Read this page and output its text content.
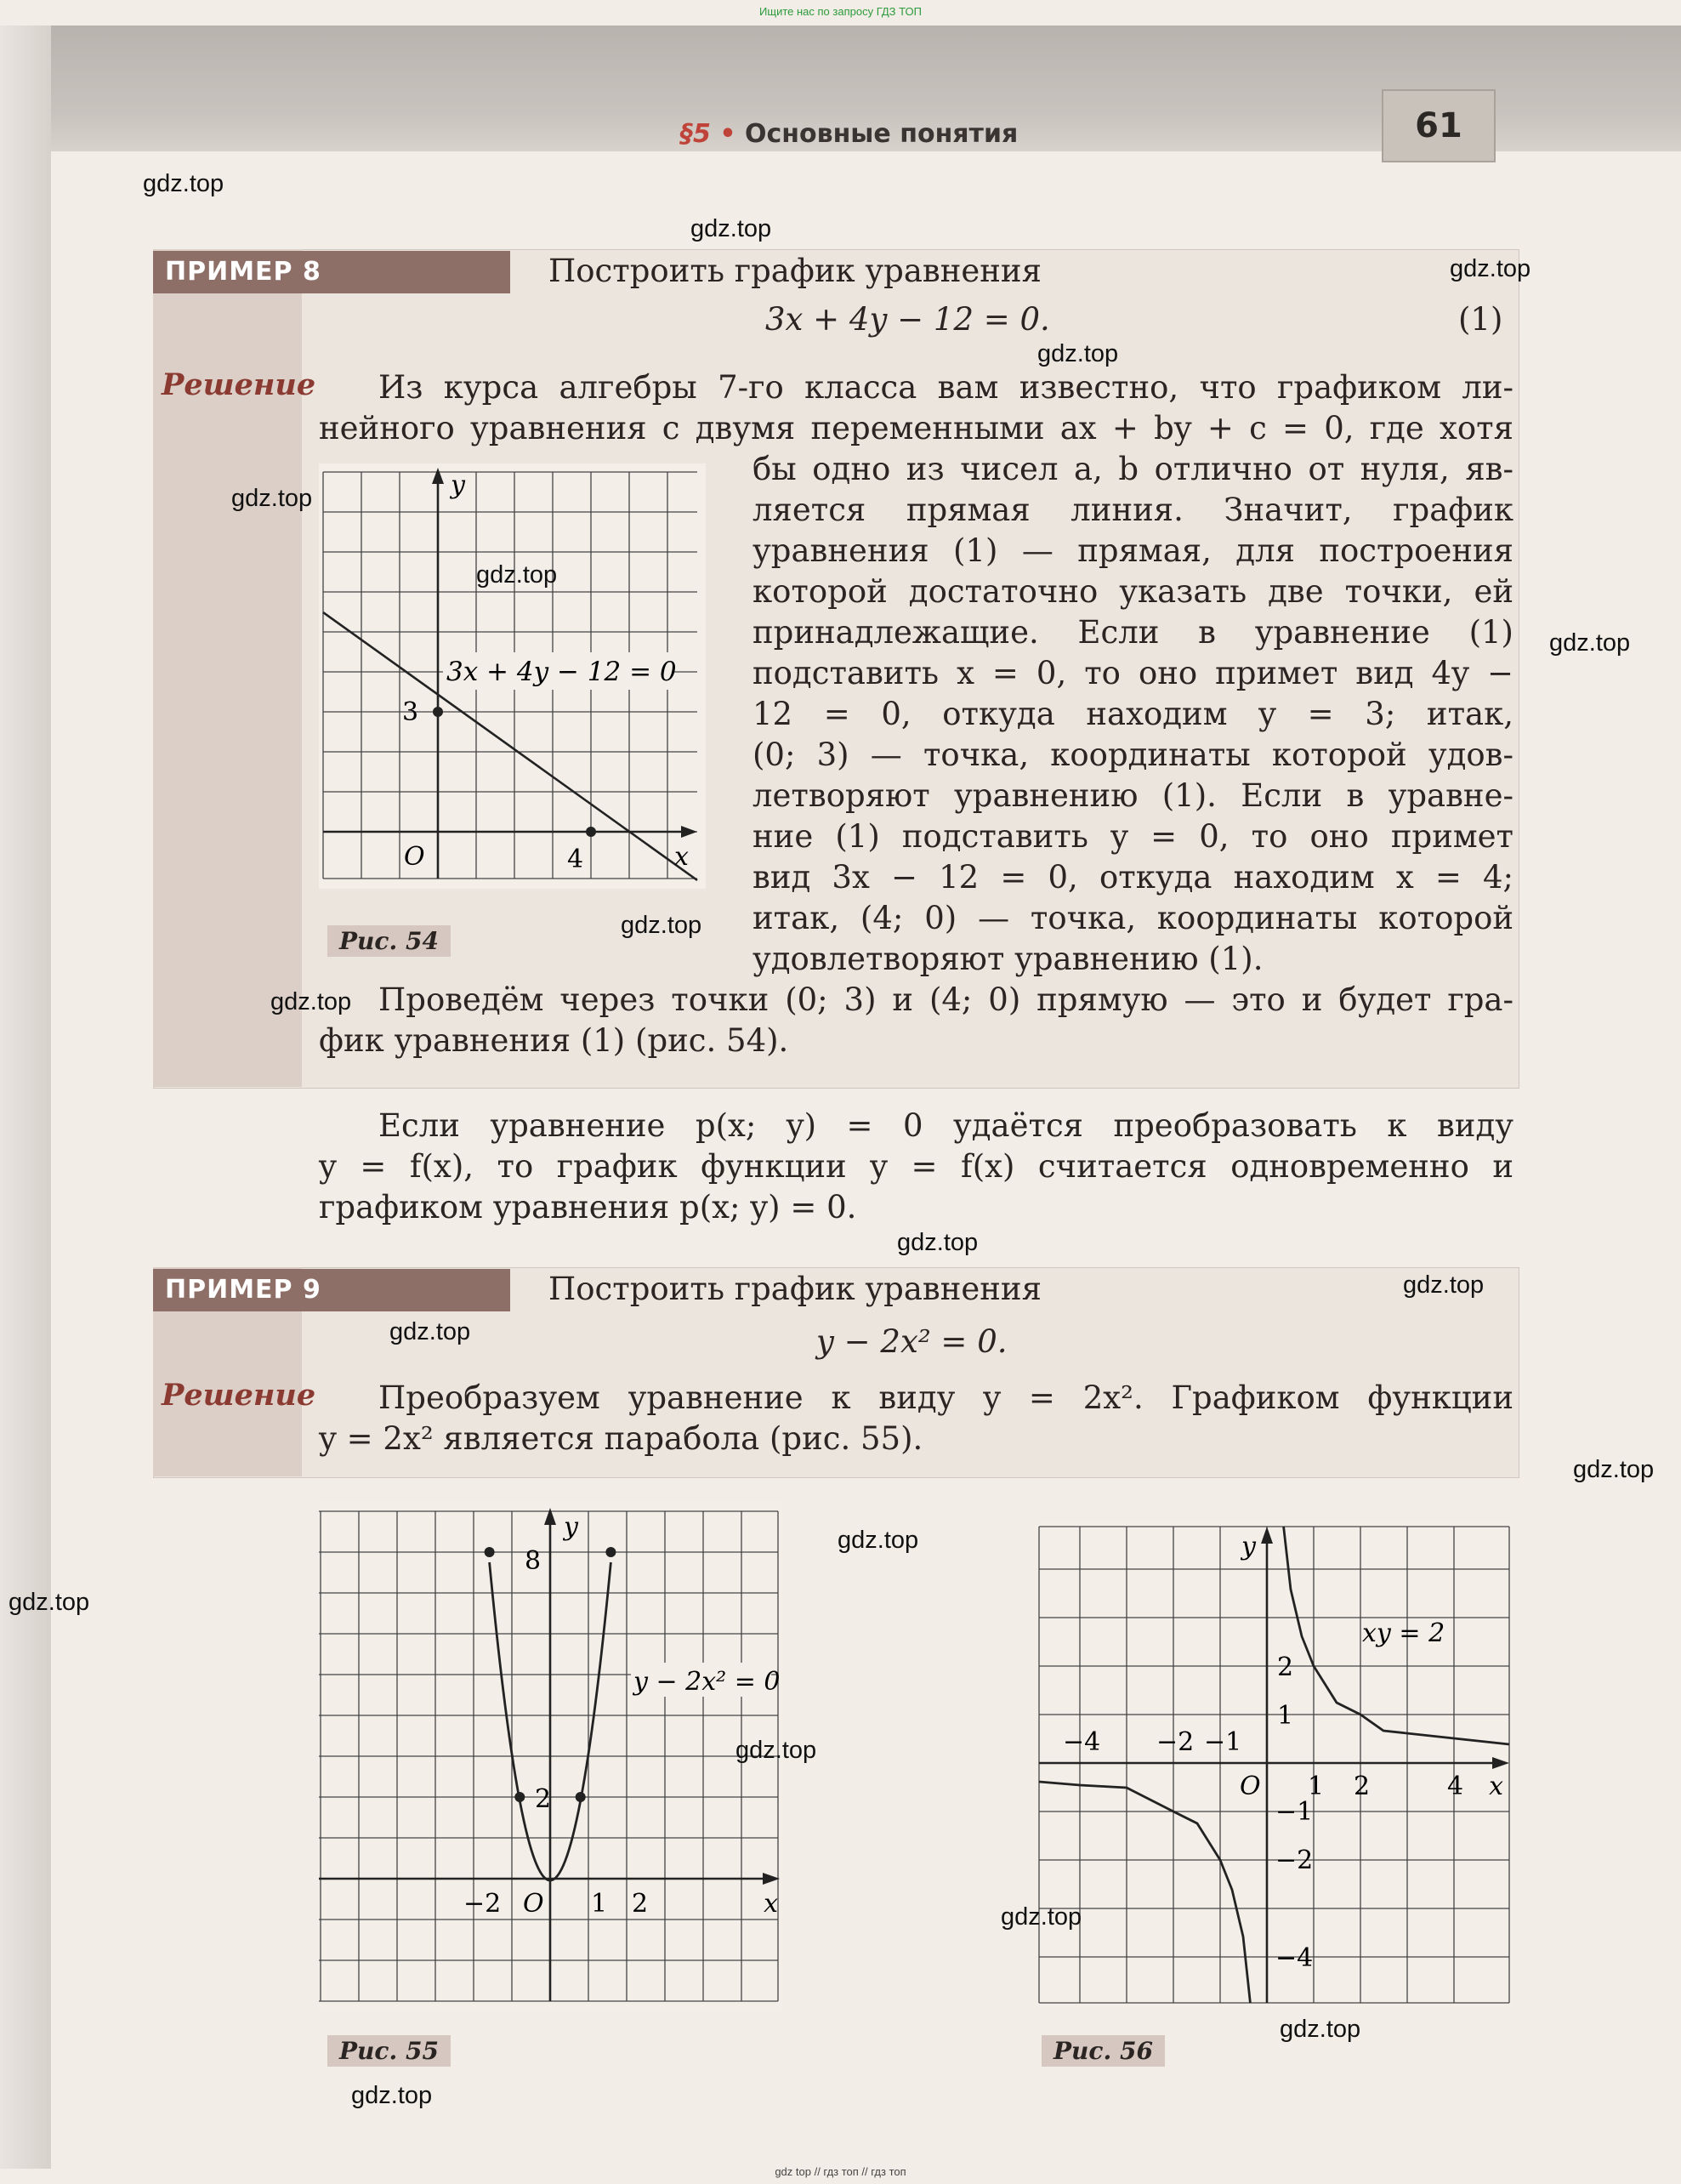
Ищите нас по запросу ГДЗ ТОП
§5 • Основные понятия	61
ПРИМЕР 8	Построить график уравнения
3x + 4y − 12 = 0.	(1)
Решение Из курса алгебры 7-го класса вам известно, что графиком ли-
нейного уравнения с двумя переменными ax + by + c = 0, где хотя
бы одно из чисел a, b отлично от нуля, яв-
ляется прямая линия. Значит, график
уравнения (1) — прямая, для построения
которой достаточно указать две точки, ей
принадлежащие. Если в уравнение (1)
подставить x = 0, то оно примет вид 4y −
12 = 0, откуда находим y = 3; итак,
(0; 3) — точка, координаты которой удов-
летворяют уравнению (1). Если в уравне-
ние (1) подставить y = 0, то оно примет
вид 3x − 12 = 0, откуда находим x = 4;
итак, (4; 0) — точка, координаты которой
удовлетворяют уравнению (1).
Проведём через точки (0; 3) и (4; 0) прямую — это и будет гра-
фик уравнения (1) (рис. 54).
y
x
O
3
4
3x + 4y − 12 = 0
Рис. 54
Если уравнение p(x; y) = 0 удаётся преобразовать к виду
y = f(x), то график функции y = f(x) считается одновременно и
графиком уравнения p(x; y) = 0.
ПРИМЕР 9	Построить график уравнения
y − 2x² = 0.
Решение Преобразуем уравнение к виду y = 2x². Графиком функции
y = 2x² является парабола (рис. 55).
y
x
O
8
2
−2	1 2
y − 2x² = 0
Рис. 55
y
x
O
−4 −2 −1
1 2	4
2
1
−1
−2
−4
xy = 2
Рис. 56
gdz.top
gdz.top
gdz.top
gdz.top
gdz.top
gdz.top
gdz.top
gdz.top
gdz.top
gdz.top
gdz.top
gdz.top
gdz.top
gdz.top
gdz.top
gdz.top
gdz.top
gdz.top
gdz.top
gdz top // гдз топ // гдз топ
